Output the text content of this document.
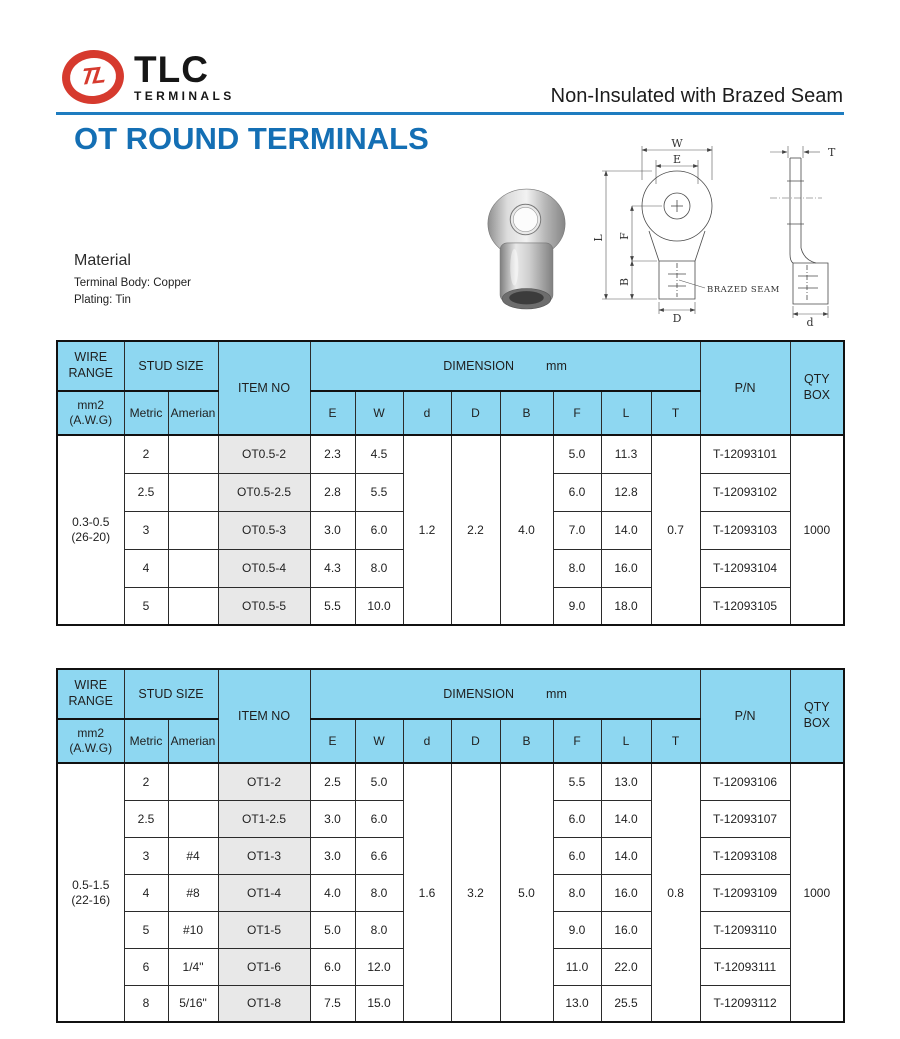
TL TLC
TERMINALS	Non-Insulated with Brazed Seam
OT ROUND TERMINALS
Material
Terminal Body: Copper
Plating: Tin
W
E
L F
B
D
BRAZED SEAM
T
d
WIRE
RANGE	STUD SIZE	ITEM NO	DIMENSION	mm	P/N	
QTY
BOX

mm2
(A.W.G)	Metric	Amerian		E	W	d	D	B	F	L	T		

0.3-0.5
(26-20)	2		OT0.5-2	2.3	4.5	1.2	2.2	4.0	5.0	11.3	0.7	T-12093101	1000
	2.5		OT0.5-2.5	2.8	5.5				6.0	12.8		T-12093102	
	3		OT0.5-3	3.0	6.0				7.0	14.0		T-12093103	
	4		OT0.5-4	4.3	8.0				8.0	16.0		T-12093104	
	5		OT0.5-5	5.5	10.0				9.0	18.0		T-12093105	
WIRE
RANGE	STUD SIZE	ITEM NO	DIMENSION	mm	P/N	
QTY
BOX

mm2
(A.W.G)	Metric	Amerian		E	W	d	D	B	F	L	T		

0.5-1.5
(22-16)	2		OT1-2	2.5	5.0	1.6	3.2	5.0	5.5	13.0	0.8	T-12093106	1000
	2.5		OT1-2.5	3.0	6.0				6.0	14.0		T-12093107	
	3	#4	OT1-3	3.0	6.6				6.0	14.0		T-12093108	
	4	#8	OT1-4	4.0	8.0				8.0	16.0		T-12093109	
	5	#10	OT1-5	5.0	8.0				9.0	16.0		T-12093110	
	6	1/4"	OT1-6	6.0	12.0				11.0	22.0		T-12093111	
	8	5/16"	OT1-8	7.5	15.0				13.0	25.5		T-12093112	
